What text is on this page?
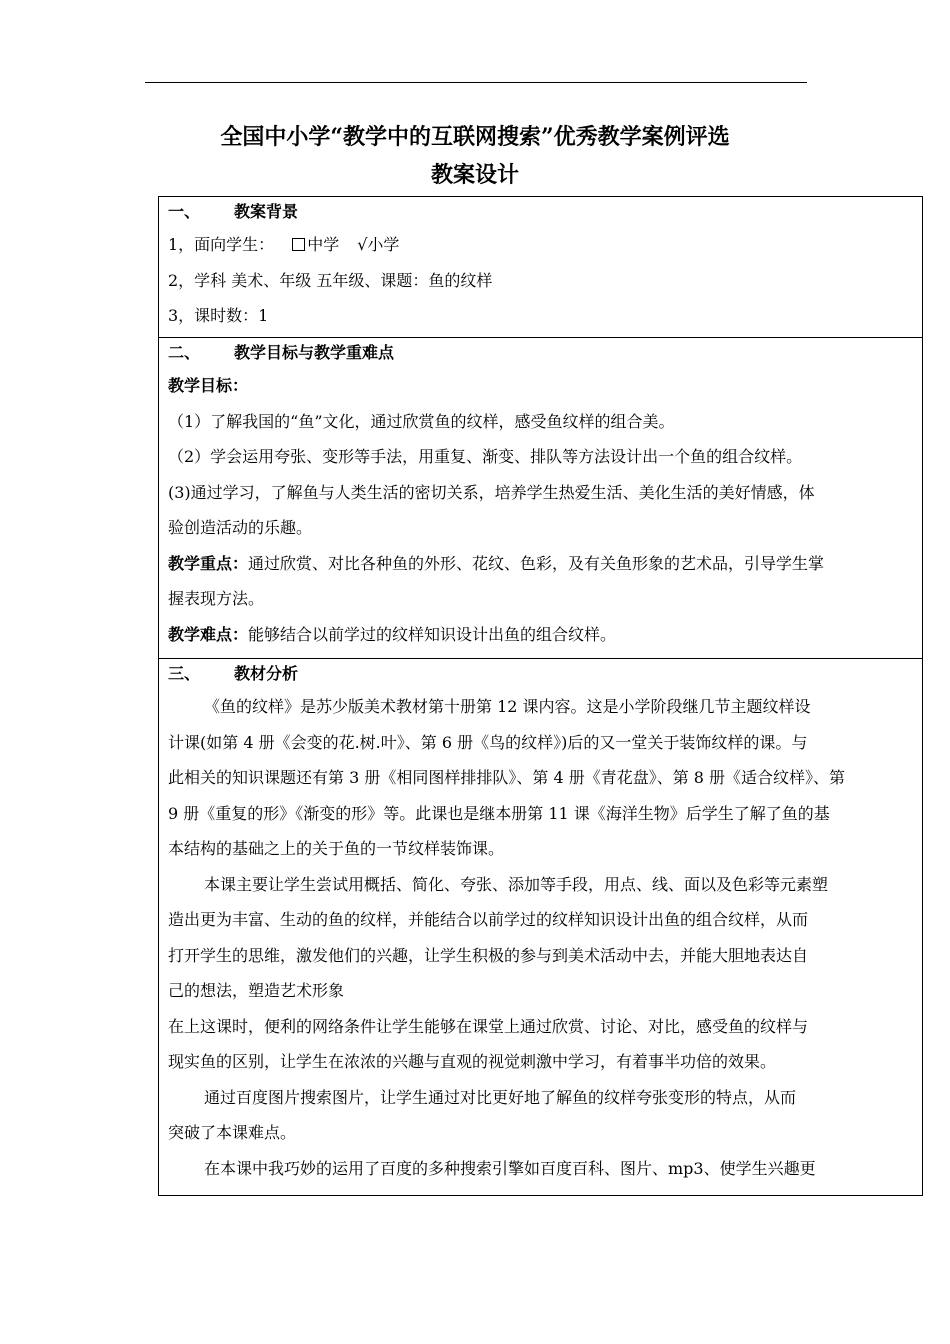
全国中小学“教学中的互联网搜索”优秀教学案例评选
教案设计
一、 教案背景
1，面向学生： 中学 √小学
2，学科 美术、年级 五年级、课题：鱼的纹样
3，课时数：1
二、 教学目标与教学重难点
教学目标：
（1）了解我国的“鱼”文化，通过欣赏鱼的纹样，感受鱼纹样的组合美。
（2）学会运用夸张、变形等手法，用重复、渐变、排队等方法设计出一个鱼的组合纹样。
(3)通过学习，了解鱼与人类生活的密切关系，培养学生热爱生活、美化生活的美好情感，体
验创造活动的乐趣。
教学重点：通过欣赏、对比各种鱼的外形、花纹、色彩，及有关鱼形象的艺术品，引导学生掌
握表现方法。
教学难点：能够结合以前学过的纹样知识设计出鱼的组合纹样。
三、 教材分析
《鱼的纹样》是苏少版美术教材第十册第 12 课内容。这是小学阶段继几节主题纹样设
计课(如第 4 册《会变的花.树.叶》、第 6 册《鸟的纹样》)后的又一堂关于装饰纹样的课。与
此相关的知识课题还有第 3 册《相同图样排排队》、第 4 册《青花盘》、第 8 册《适合纹样》、第
9 册《重复的形》《渐变的形》等。此课也是继本册第 11 课《海洋生物》后学生了解了鱼的基
本结构的基础之上的关于鱼的一节纹样装饰课。
本课主要让学生尝试用概括、简化、夸张、添加等手段，用点、线、面以及色彩等元素塑
造出更为丰富、生动的鱼的纹样，并能结合以前学过的纹样知识设计出鱼的组合纹样，从而
打开学生的思维，激发他们的兴趣，让学生积极的参与到美术活动中去，并能大胆地表达自
己的想法，塑造艺术形象
在上这课时，便利的网络条件让学生能够在课堂上通过欣赏、讨论、对比，感受鱼的纹样与
现实鱼的区别，让学生在浓浓的兴趣与直观的视觉刺激中学习，有着事半功倍的效果。
通过百度图片搜索图片，让学生通过对比更好地了解鱼的纹样夸张变形的特点，从而
突破了本课难点。
在本课中我巧妙的运用了百度的多种搜索引擎如百度百科、图片、mp3、使学生兴趣更
